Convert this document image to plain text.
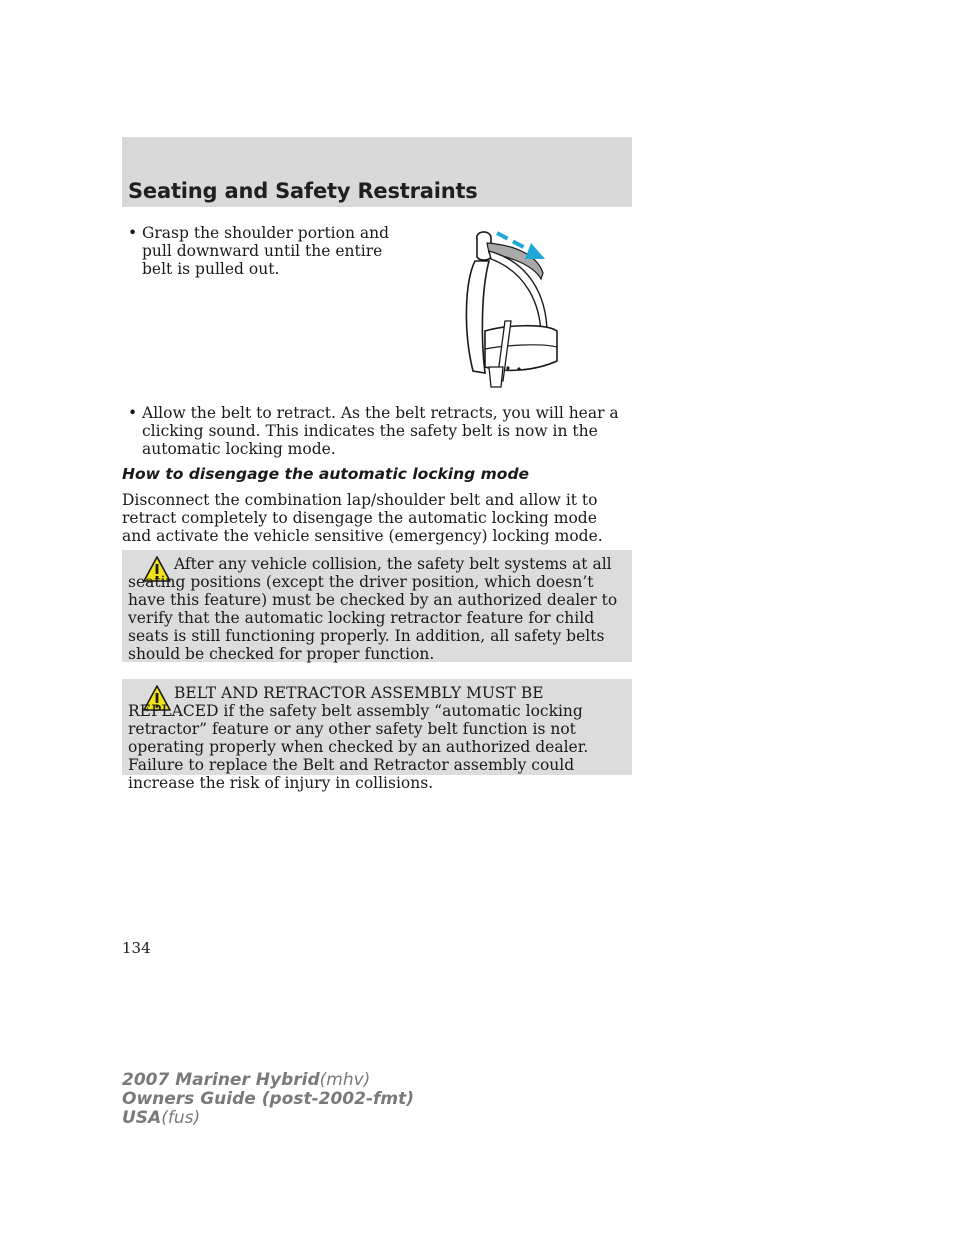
Seating and Safety Restraints
• Grasp the shoulder portion and pull downward until the entire belt is pulled out.
• Allow the belt to retract. As the belt retracts, you will hear a clicking sound. This indicates the safety belt is now in the automatic locking mode.
How to disengage the automatic locking mode

Disconnect the combination lap/shoulder belt and allow it to retract completely to disengage the automatic locking mode and activate the vehicle sensitive (emergency) locking mode.

After any vehicle collision, the safety belt systems at all seating positions (except the driver position, which doesn’t have this feature) must be checked by an authorized dealer to verify that the automatic locking retractor feature for child seats is still functioning properly. In addition, all safety belts should be checked for proper function.

BELT AND RETRACTOR ASSEMBLY MUST BE REPLACED if the safety belt assembly “automatic locking retractor” feature or any other safety belt function is not operating properly when checked by an authorized dealer. Failure to replace the Belt and Retractor assembly could increase the risk of injury in collisions.

134

2007 Mariner Hybrid(mhv)
Owners Guide (post-2002-fmt)
USA(fus)
